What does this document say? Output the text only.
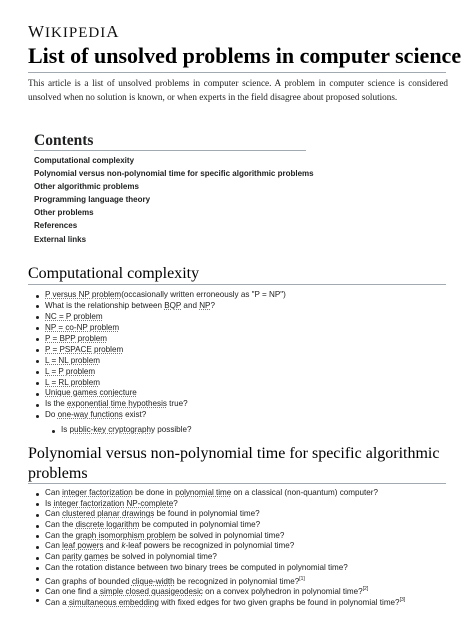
WIKIPEDIA
List of unsolved problems in computer science
This article is a list of unsolved problems in computer science. A problem in computer science is considered unsolved when no solution is known, or when experts in the field disagree about proposed solutions.
Contents
Computational complexity
Polynomial versus non-polynomial time for specific algorithmic problems
Other algorithmic problems
Programming language theory
Other problems
References
External links
Computational complexity
P versus NP problem(occasionally written erroneously as "P = NP")
What is the relationship between BQP and NP?
NC = P problem
NP = co-NP problem
P = BPP problem
P = PSPACE problem
L = NL problem
L = P problem
L = RL problem
Unique games conjecture
Is the exponential time hypothesis true?
Do one-way functions exist?
Is public-key cryptography possible?
Polynomial versus non-polynomial time for specific algorithmic
problems
Can integer factorization be done in polynomial time on a classical (non-quantum) computer?
Is integer factorization NP-complete?
Can clustered planar drawings be found in polynomial time?
Can the discrete logarithm be computed in polynomial time?
Can the graph isomorphism problem be solved in polynomial time?
Can leaf powers and k-leaf powers be recognized in polynomial time?
Can parity games be solved in polynomial time?
Can the rotation distance between two binary trees be computed in polynomial time?
Can graphs of bounded clique-width be recognized in polynomial time?[1]
Can one find a simple closed quasigeodesic on a convex polyhedron in polynomial time?[2]
Can a simultaneous embedding with fixed edges for two given graphs be found in polynomial time?[3]
